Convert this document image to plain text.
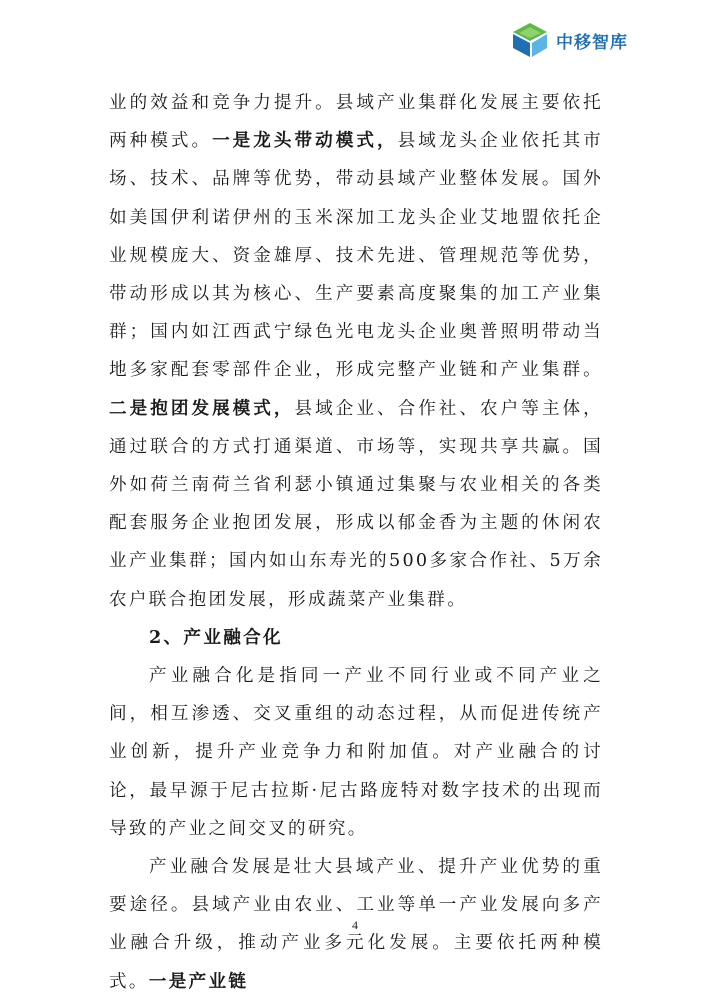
中移智库

业的效益和竞争力提升。县域产业集群化发展主要依托两种模式。一是龙头带动模式，县域龙头企业依托其市场、技术、品牌等优势，带动县域产业整体发展。国外如美国伊利诺伊州的玉米深加工龙头企业艾地盟依托企业规模庞大、资金雄厚、技术先进、管理规范等优势，带动形成以其为核心、生产要素高度聚集的加工产业集群；国内如江西武宁绿色光电龙头企业奥普照明带动当地多家配套零部件企业，形成完整产业链和产业集群。二是抱团发展模式，县域企业、合作社、农户等主体，通过联合的方式打通渠道、市场等，实现共享共赢。国外如荷兰南荷兰省利瑟小镇通过集聚与农业相关的各类配套服务企业抱团发展，形成以郁金香为主题的休闲农业产业集群；国内如山东寿光的500多家合作社、5万余农户联合抱团发展，形成蔬菜产业集群。

2、产业融合化

产业融合化是指同一产业不同行业或不同产业之间，相互渗透、交叉重组的动态过程，从而促进传统产业创新，提升产业竞争力和附加值。对产业融合的讨论，最早源于尼古拉斯·尼古路庞特对数字技术的出现而导致的产业之间交叉的研究。

产业融合发展是壮大县域产业、提升产业优势的重要途径。县域产业由农业、工业等单一产业发展向多产业融合升级，推动产业多元化发展。主要依托两种模式。一是产业链

4
